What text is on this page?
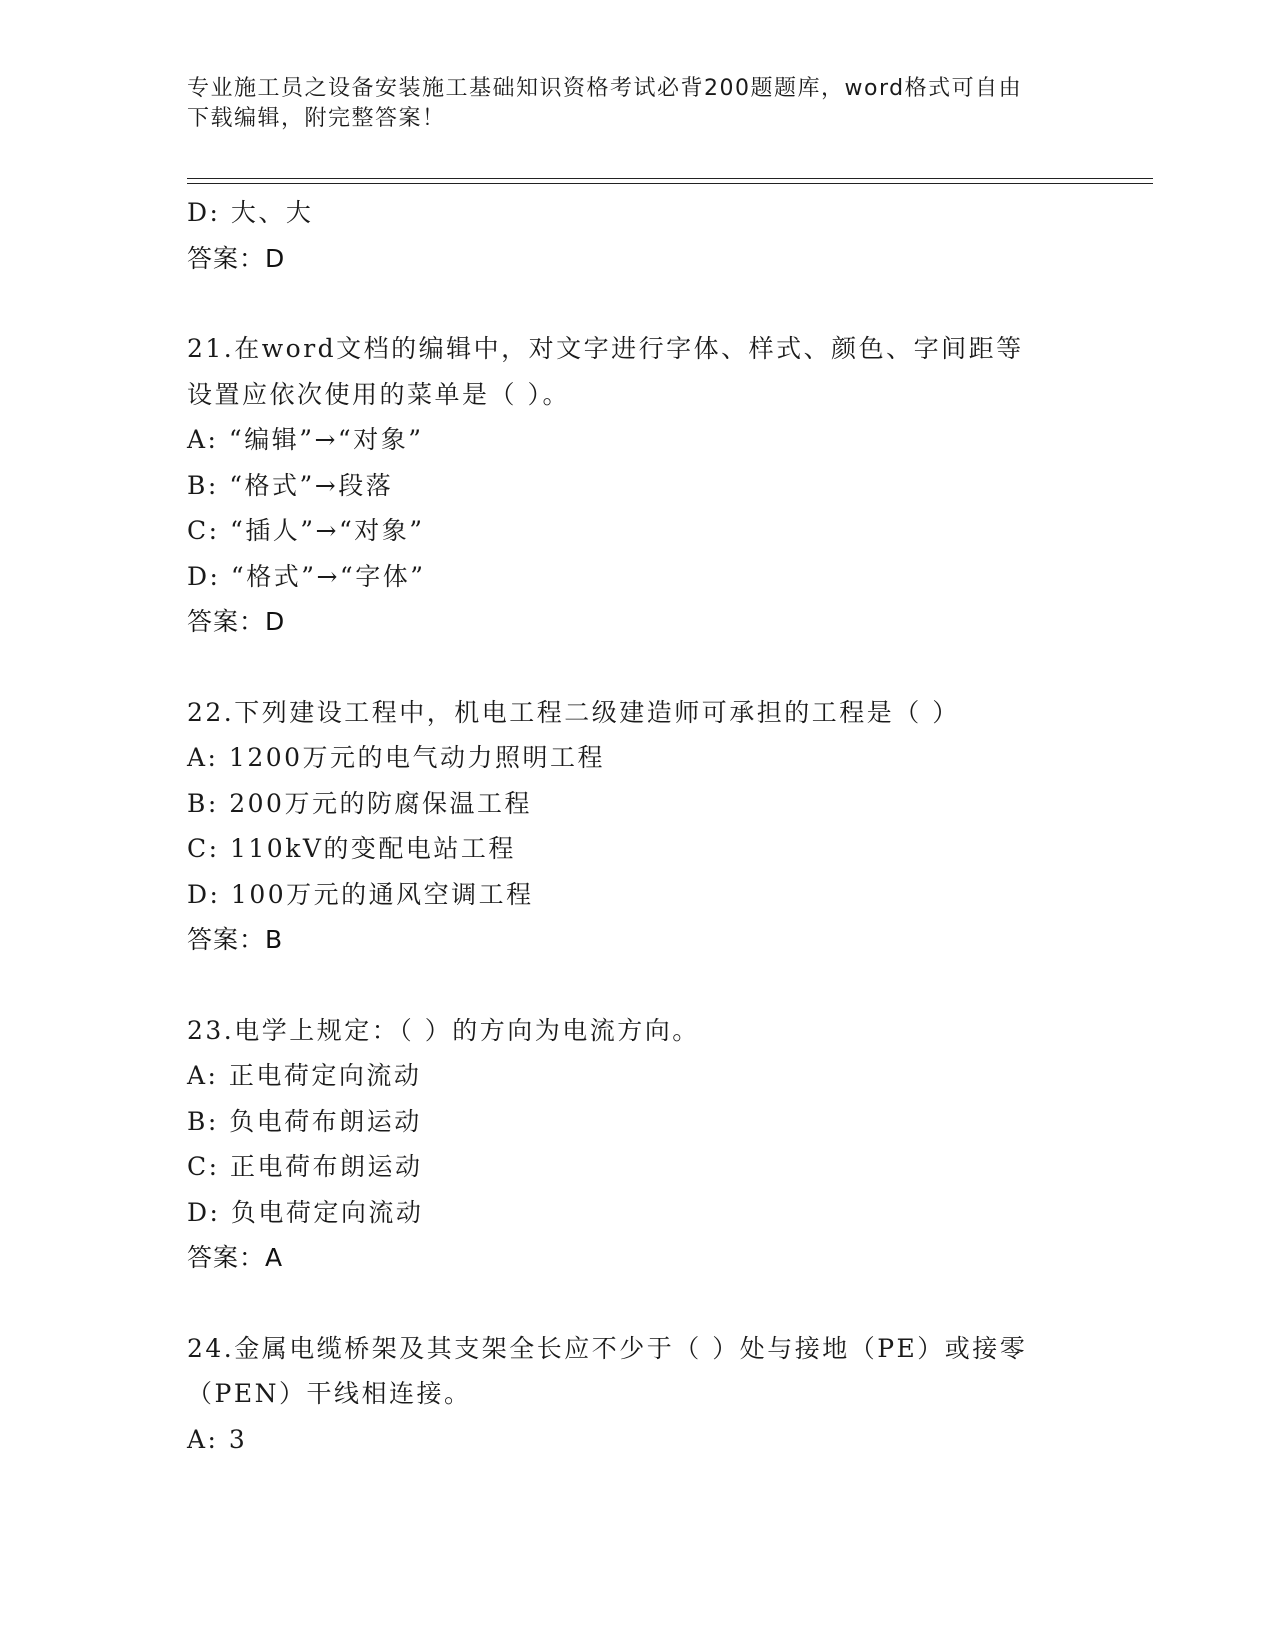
专业施工员之设备安装施工基础知识资格考试必背200题题库，word格式可自由
下载编辑，附完整答案！
D: 大、大
答案：D
21.在word文档的编辑中，对文字进行字体、样式、颜色、字间距等
设置应依次使用的菜单是（ ）。
A: “编辑”→“对象”
B: “格式”→段落
C: “插人”→“对象”
D: “格式”→“字体”
答案：D
22.下列建设工程中，机电工程二级建造师可承担的工程是（ ）
A: 1200万元的电气动力照明工程
B: 200万元的防腐保温工程
C: 110kV的变配电站工程
D: 100万元的通风空调工程
答案：B
23.电学上规定：（ ）的方向为电流方向。
A: 正电荷定向流动
B: 负电荷布朗运动
C: 正电荷布朗运动
D: 负电荷定向流动
答案：A
24.金属电缆桥架及其支架全长应不少于（ ）处与接地（PE）或接零
（PEN）干线相连接。
A: 3
